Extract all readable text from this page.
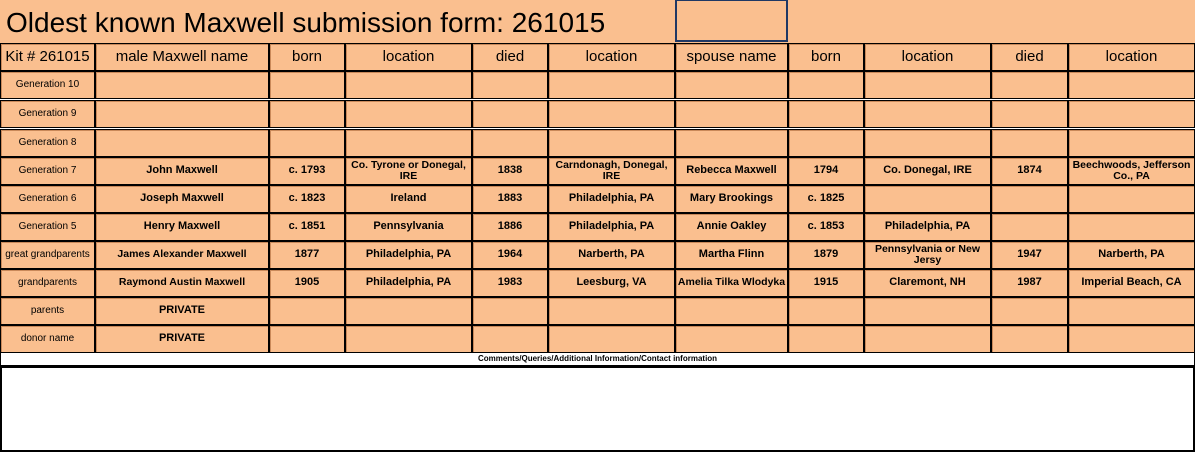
Oldest known Maxwell submission form: 261015
Kit # 261015	male Maxwell name	born	location	died	location	spouse name	born	location	died	location
Generation 10
Generation 9
Generation 8
Generation 7	John Maxwell	c. 1793	Co. Tyrone or Donegal, IRE	1838	Carndonagh, Donegal, IRE	Rebecca Maxwell	1794	Co. Donegal, IRE	1874	Beechwoods, Jefferson Co., PA
Generation 6	Joseph Maxwell	c. 1823	Ireland	1883	Philadelphia, PA	Mary Brookings	c. 1825
Generation 5	Henry Maxwell	c. 1851	Pennsylvania	1886	Philadelphia, PA	Annie Oakley	c. 1853	Philadelphia, PA
great grandparents	James Alexander Maxwell	1877	Philadelphia, PA	1964	Narberth, PA	Martha Flinn	1879	Pennsylvania or New Jersy	1947	Narberth, PA
grandparents	Raymond Austin Maxwell	1905	Philadelphia, PA	1983	Leesburg, VA	Amelia Tilka Wlodyka	1915	Claremont, NH	1987	Imperial Beach, CA
parents	PRIVATE
donor name	PRIVATE
Comments/Queries/Additional Information/Contact information
